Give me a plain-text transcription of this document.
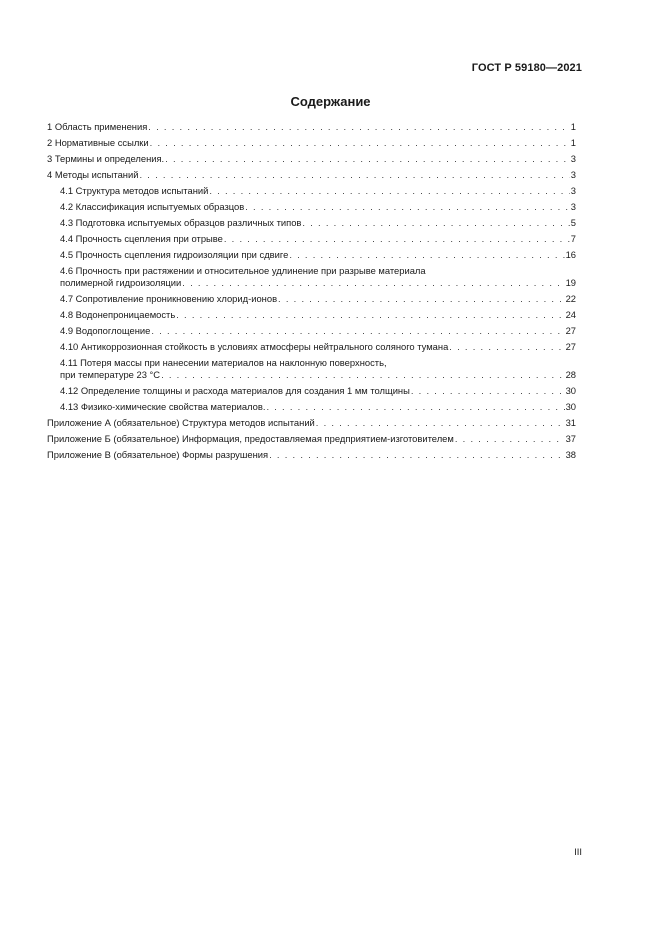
ГОСТ Р 59180—2021
Содержание
1 Область применения . . .	1
2 Нормативные ссылки . . .	1
3 Термины и определения. . . .	3
4 Методы испытаний . . .	3
4.1 Структура методов испытаний . . .	3
4.2 Классификация испытуемых образцов . . .	3
4.3 Подготовка испытуемых образцов различных типов . . .	5
4.4 Прочность сцепления при отрыве . . .	7
4.5 Прочность сцепления гидроизоляции при сдвиге . . .	16
4.6 Прочность при растяжении и относительное удлинение при разрыве материала
полимерной гидроизоляции . . .	19
4.7 Сопротивление проникновению хлорид-ионов . . .	22
4.8 Водонепроницаемость . . .	24
4.9 Водопоглощение . . .	27
4.10 Антикоррозионная стойкость в условиях атмосферы нейтрального соляного тумана . . .	27
4.11 Потеря массы при нанесении материалов на наклонную поверхность,
при температуре 23 °С . . .	28
4.12 Определение толщины и расхода материалов для создания 1 мм толщины . . .	30
4.13 Физико-химические свойства материалов. . . .	30
Приложение А (обязательное) Структура методов испытаний . . .	31
Приложение Б (обязательное) Информация, предоставляемая предприятием-изготовителем . . .	37
Приложение В (обязательное) Формы разрушения . . .	38
III
